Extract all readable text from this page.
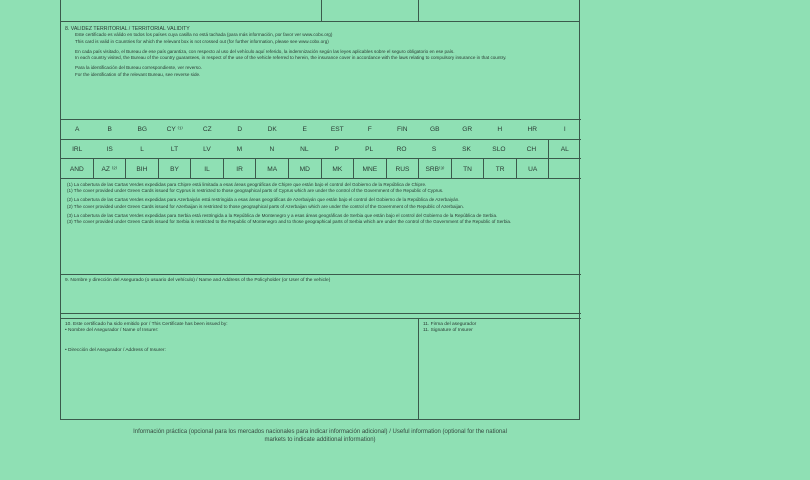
8. VALIDEZ TERRITORIAL / TERRITORIAL VALIDITY
Este certificado es válido en todos los países cuya casilla no está tachada (para más información, por favor ver www.cobx.org)
This card is valid in Countries for which the relevant box is not crossed out (for further information, please see www.cobx.org)
En cada país visitado, el Bureau de ese país garantiza, con respecto al uso del vehículo aquí referido, la indemnización según las leyes aplicables sobre el seguro obligatorio en ese país.
In each country visited, the Bureau of the country guarantees, in respect of the use of the vehicle referred to herein, the insurance cover in accordance with the laws relating to compulsory insurance in that country.
Para la identificación del Bureau correspondiente, ver reverso.
For the identification of the relevant Bureau, see reverse side.
A	B	BG	CY ⁽¹⁾	CZ	D	DK	E	EST	F	FIN	GB	GR	H	HR	I
IRL	IS	L	LT	LV	M	N	NL	P	PL	RO	S	SK	SLO	CH	AL
AND	AZ ⁽²⁾	BIH	BY	IL	IR	MA	MD	MK	MNE	RUS	SRB⁽³⁾	TN	TR	UA
(1) La cobertura de las Cartas Verdes expedidas para Chipre está limitada a esas áreas geográficas de Chipre que están bajo el control del Gobierno de la República de Chipre.
(1) The cover provided under Green Cards issued for Cyprus is restricted to those geographical parts of Cyprus which are under the control of the Government of the Republic of Cyprus.
(2) La cobertura de las Cartas Verdes expedidas para Azerbaiyán está restringida a esas áreas geográficas de Azerbaiyán que están bajo el control del Gobierno de la República de Azerbaiyán.
(2) The cover provided under Green Cards issued for Azerbaijan is restricted to those geographical parts of Azerbaijan which are under the control of the Government of the Republic of Azerbaijan.
(3) La cobertura de las Cartas Verdes expedidas para Serbia está restringida a la República de Montenegro y a esas áreas geográficas de Serbia que están bajo el control del Gobierno de la República de Serbia.
(3) The cover provided under Green Cards issued for Serbia is restricted to the Republic of Montenegro and to those geographical parts of Serbia which are under the control of the Government of the Republic of Serbia.
9. Nombre y dirección del Asegurado (o usuario del vehículo) / Name and Address of the Policyholder (or User of the vehicle)
10. Este certificado ha sido emitido por / This Certificate has been issued by:
• Nombre del Asegurador / Name of Insurer:
• Dirección del Asegurador / Address of Insurer:
11. Firma del asegurador
11. Signature of Insurer
Información práctica (opcional para los mercados nacionales para indicar información adicional) / Useful information (optional for the national
markets to indicate additional information)
